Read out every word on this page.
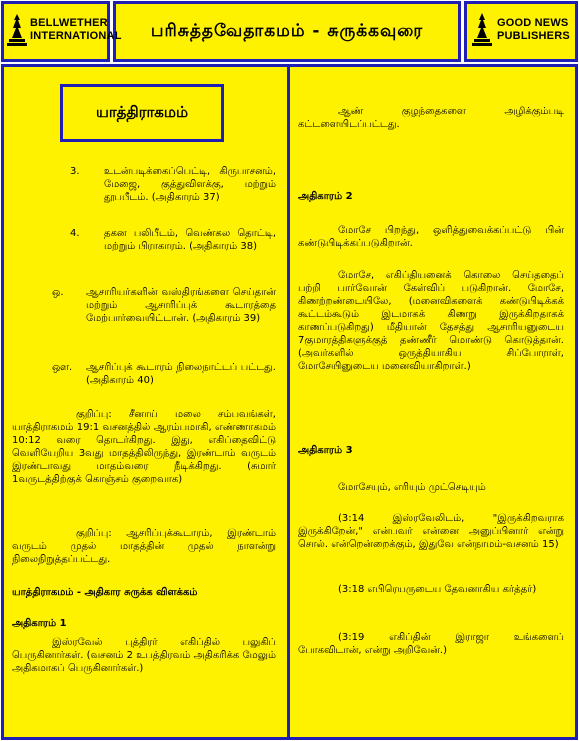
BELLWETHER
INTERNATIONAL	பரிசுத்தவேதாகமம் - சுருக்கவுரை	GOOD NEWS
PUBLISHERS
யாத்திராகமம்
3. உடன்படிக்கைப்பெட்டி, கிருபாசனம், மேஜை, குத்துவிளக்கு, மற்றும் தூபபீடம். (அதிகாரம் 37)

4. தகன பலிபீடம், வெண்கல தொட்டி, மற்றும் பிராகாரம். (அதிகாரம் 38)

ஒ. ஆசாரியர்களின் வஸ்திரங்களை செய்தான் மற்றும் ஆசாரிப்புக் கூடாரத்தை மேற்பார்வையிட்டான். (அதிகாரம் 39)

ஔ. ஆசரிப்புக் கூடாரம் நிலைநாட்டப் பட்டது. (அதிகாரம் 40)

குறிப்பு: சீனாய் மலை சம்பவங்கள், யாத்திராகமம் 19:1 வசனத்தில் ஆரம்பமாகி, எண்ணாகமம் 10:12 வரை தொடர்கிறது. இது, எகிப்தைவிட்டு வெளியேறிய 3வது மாதத்திலிருந்து, இரண்டாம் வருடம் இரண்டாவது மாதம்வரை நீடிக்கிறது. (சுமார் 1வருடத்திற்குக் கொஞ்சம் குறைவாக)

குறிப்பு: ஆசரிப்புக்கூடாரம், இரண்டாம் வருடம் முதல் மாதத்தின் முதல் நாளன்று நிலைநிறுத்தப்பட்டது.

யாத்திராகமம் - அதிகார சுருக்க விளக்கம்

அதிகாரம் 1

இஸ்ரவேல் புத்திரர் எகிப்தில் பலுகிப் பெருகினார்கள். (வசனம் 2 உபத்திரவம் அதிகரிக்க மேலும் அதிகமாகப் பெருகினார்கள்.)

ஆண் குழந்தைகளை அழிக்கும்படி கட்டளையிடப்பட்டது.

அதிகாரம் 2

மோசே பிறந்து, ஒளித்துவைக்கப்பட்டு பின் கண்டுபிடிக்கப்படுகிறான்.

மோசே, எகிப்தியனைக் கொலை செய்ததைப் பற்றி பார்வோன் கேள்விப் படுகிறான். மோசே, கிணற்றண்டையிலே, (மனைவிகளைக் கண்டுபிடிக்கக் கூட்டம்கூடும் இடமாகக் கிணறு இருக்கிறதாகக் காணப்படுகிறது) மீதியான் தேசத்து ஆசாரியனுடைய 7குமாரத்திகளுக்குத் தண்ணீர் மொண்டு கொடுத்தான். (அவர்களில் ஒருத்தியாகிய சிப்போராள், மோசேயினுடைய மனைவியாகிறாள்.)

அதிகாரம் 3

மோசேயும், எரியும் முட்செடியும்

(3:14 இஸ்ரவேலிடம், "இருக்கிறவராக இருக்கிறேன்," என்பவர் என்னை அனுப்பினார் என்று சொல். என்றென்றைக்கும், இதுவே என்நாமம்-வசனம் 15)

(3:18 எபிரெயருடைய தேவனாகிய கர்த்தர்)

(3:19 எகிப்தின் இராஜா உங்களைப் போகவிடான், என்று அறிவேன்.)
